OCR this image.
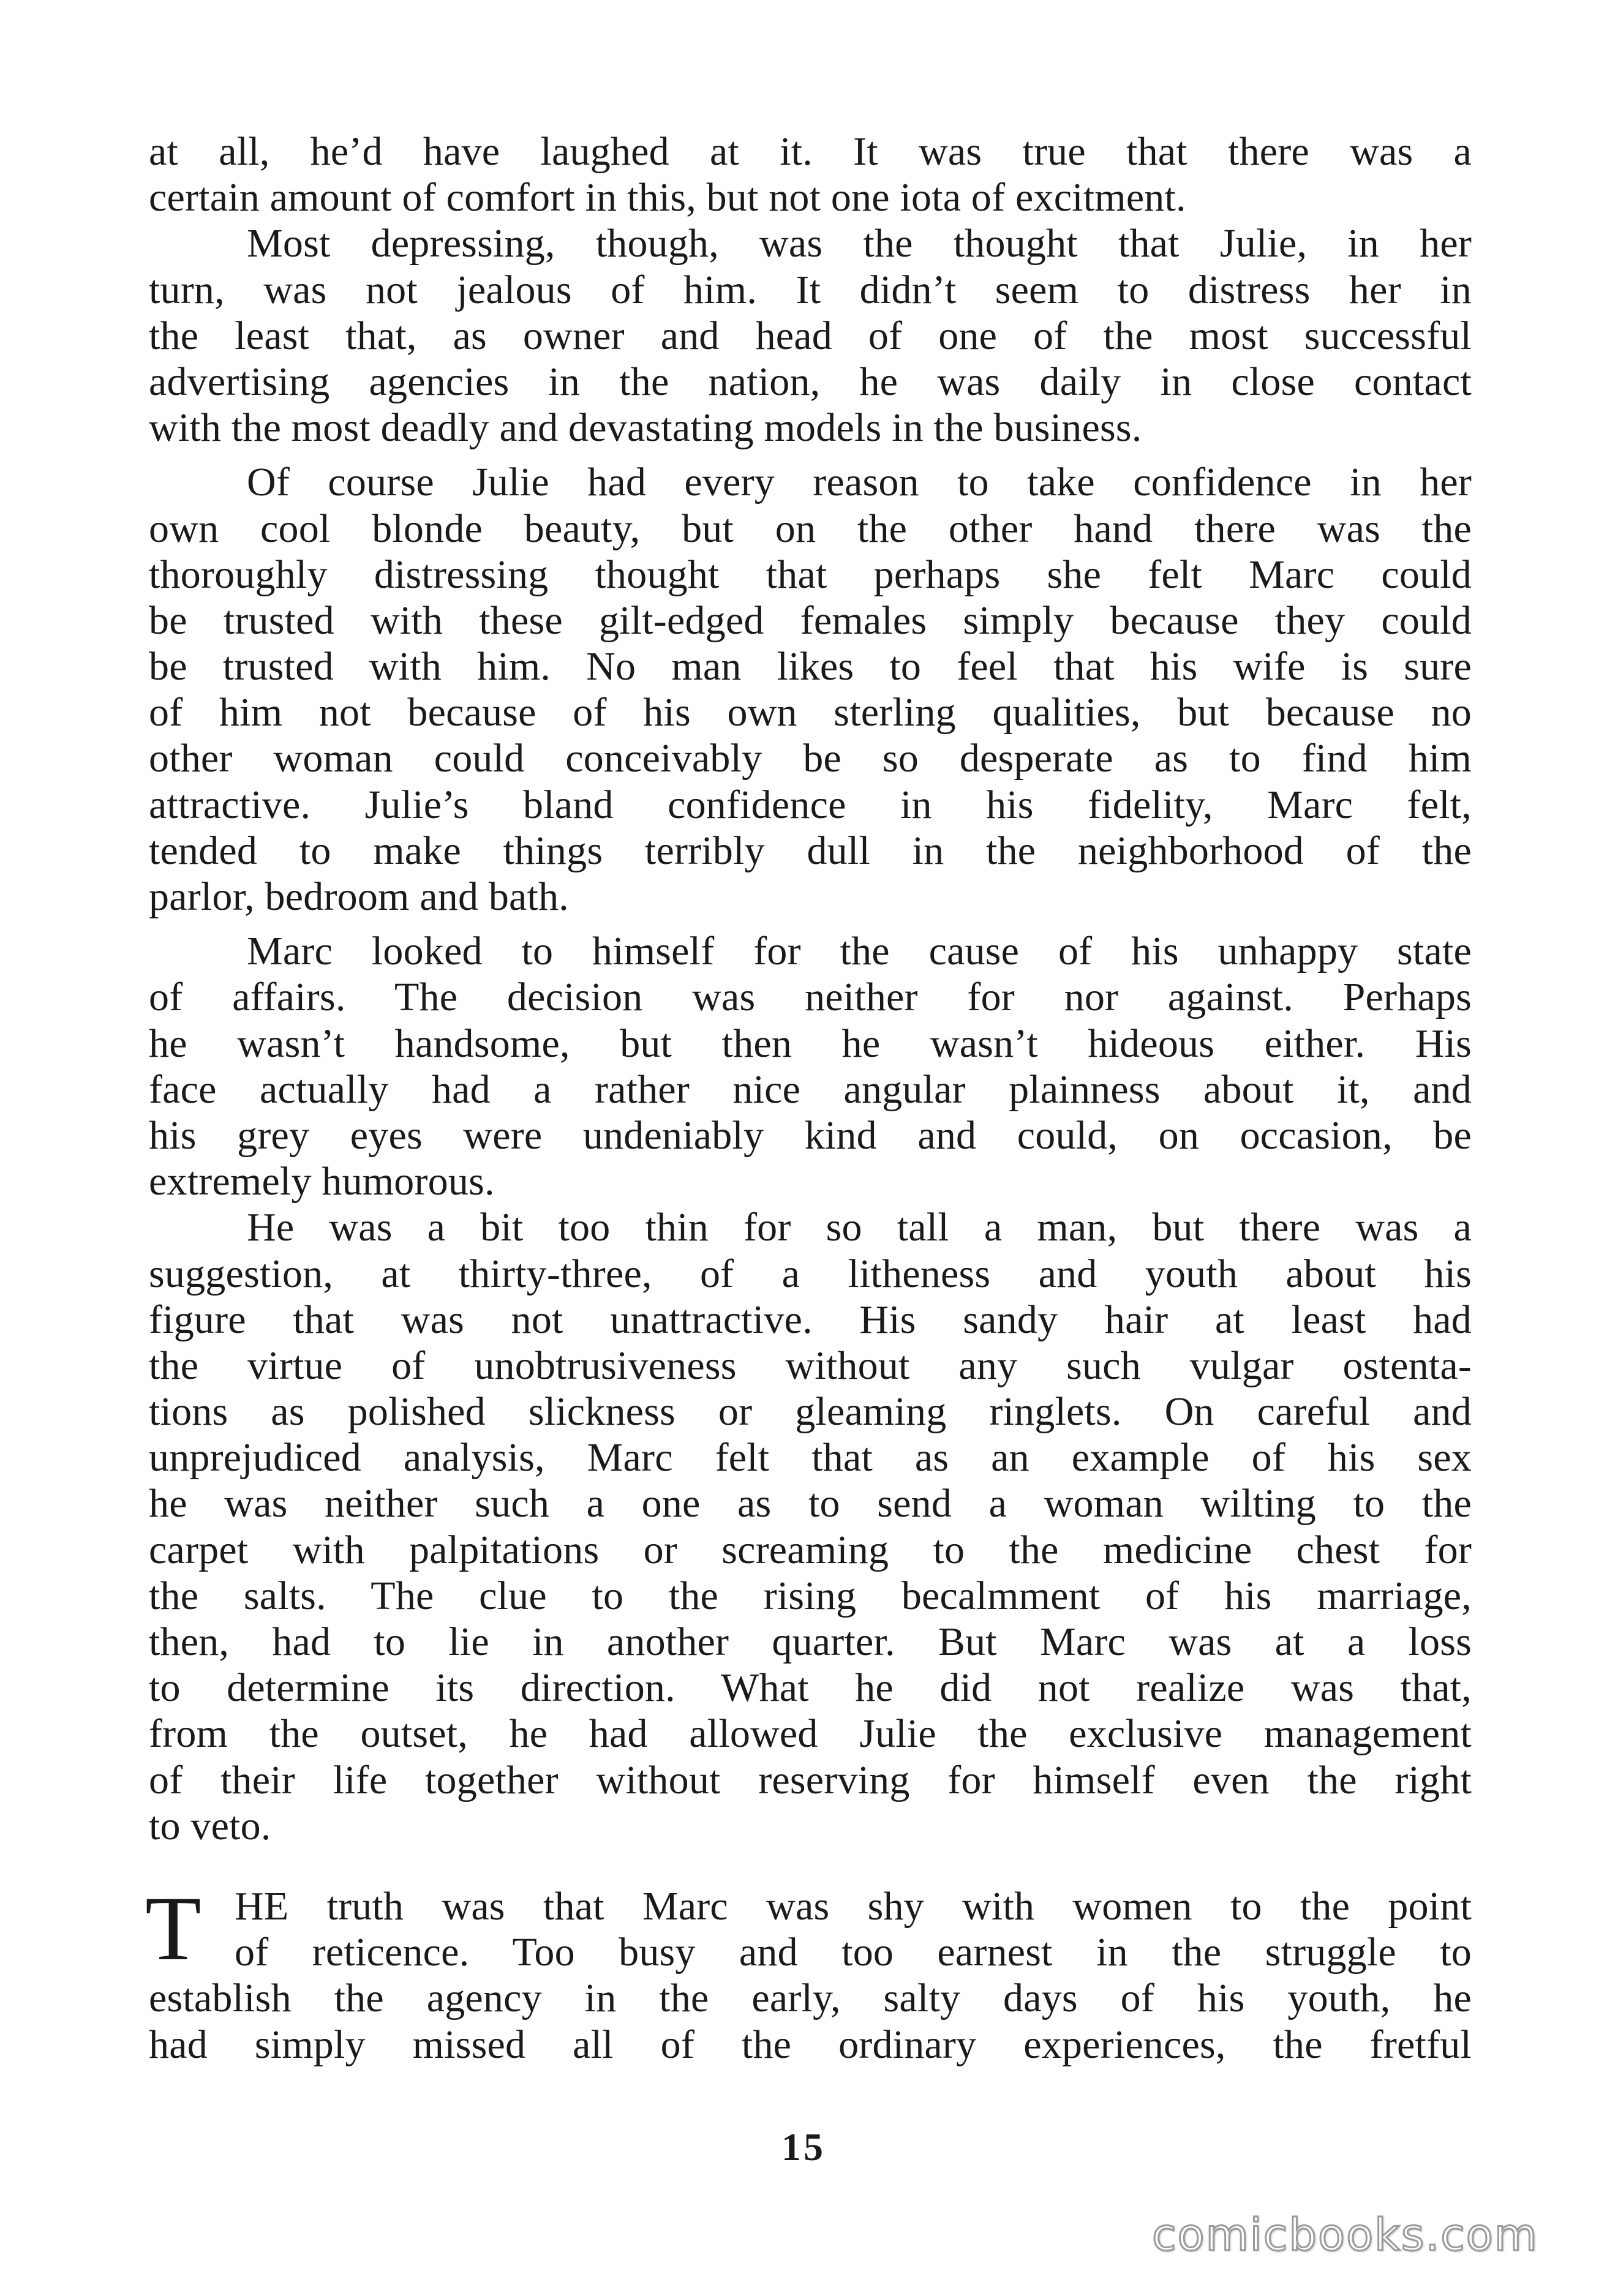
at all, he’d have laughed at it. It was true that there was a
certain amount of comfort in this, but not one iota of excitment.
Most depressing, though, was the thought that Julie, in her
turn, was not jealous of him. It didn’t seem to distress her in
the least that, as owner and head of one of the most successful
advertising agencies in the nation, he was daily in close contact
with the most deadly and devastating models in the business.
Of course Julie had every reason to take confidence in her
own cool blonde beauty, but on the other hand there was the
thoroughly distressing thought that perhaps she felt Marc could
be trusted with these gilt-edged females simply because they could
be trusted with him. No man likes to feel that his wife is sure
of him not because of his own sterling qualities, but because no
other woman could conceivably be so desperate as to find him
attractive. Julie’s bland confidence in his fidelity, Marc felt,
tended to make things terribly dull in the neighborhood of the
parlor, bedroom and bath.
Marc looked to himself for the cause of his unhappy state
of affairs. The decision was neither for nor against. Perhaps
he wasn’t handsome, but then he wasn’t hideous either. His
face actually had a rather nice angular plainness about it, and
his grey eyes were undeniably kind and could, on occasion, be
extremely humorous.
He was a bit too thin for so tall a man, but there was a
suggestion, at thirty-three, of a litheness and youth about his
figure that was not unattractive. His sandy hair at least had
the virtue of unobtrusiveness without any such vulgar ostenta-
tions as polished slickness or gleaming ringlets. On careful and
unprejudiced analysis, Marc felt that as an example of his sex
he was neither such a one as to send a woman wilting to the
carpet with palpitations or screaming to the medicine chest for
the salts. The clue to the rising becalmment of his marriage,
then, had to lie in another quarter. But Marc was at a loss
to determine its direction. What he did not realize was that,
from the outset, he had allowed Julie the exclusive management
of their life together without reserving for himself even the right
to veto.
T HE truth was that Marc was shy with women to the point
of reticence. Too busy and too earnest in the struggle to
establish the agency in the early, salty days of his youth, he
had simply missed all of the ordinary experiences, the fretful
15
comicbooks.com
